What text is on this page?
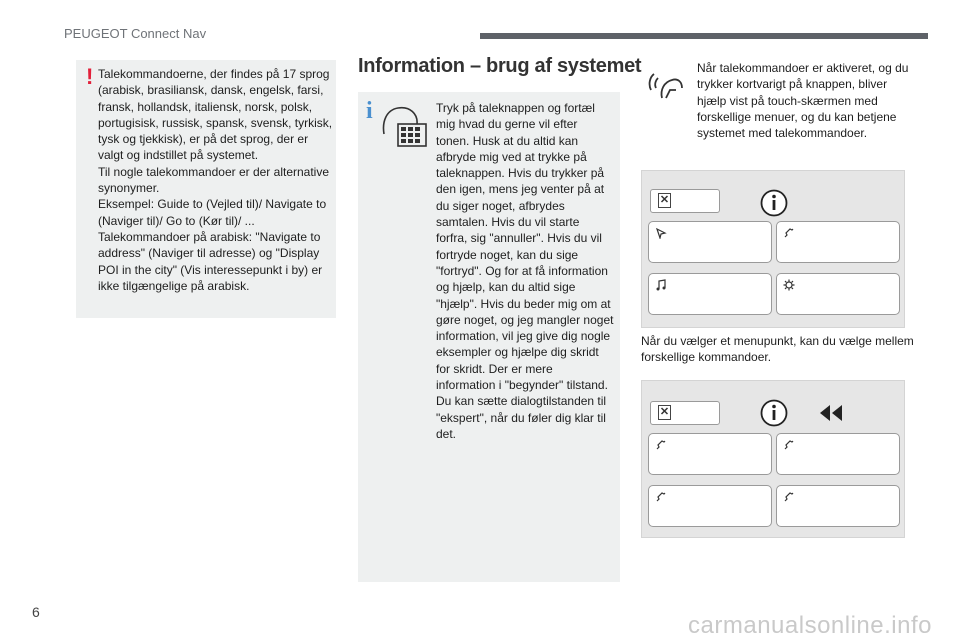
PEUGEOT Connect Nav
! Talekommandoerne, der findes på 17 sprog (arabisk, brasiliansk, dansk, engelsk, farsi, fransk, hollandsk, italiensk, norsk, polsk, portugisisk, russisk, spansk, svensk, tyrkisk, tysk og tjekkisk), er på det sprog, der er valgt og indstillet på systemet.

Til nogle talekommandoer er der alternative synonymer.

Eksempel: Guide to (Vejled til)/ Navigate to (Naviger til)/ Go to (Kør til)/ ...

Talekommandoer på arabisk: "Navigate to address" (Naviger til adresse) og "Display POI in the city" (Vis interessepunkt i by) er ikke tilgængelige på arabisk.

Information – brug af systemet
i	Tryk på taleknappen og fortæl mig hvad du gerne vil efter tonen. Husk at du altid kan afbryde mig ved at trykke på taleknappen. Hvis du trykker på den igen, mens jeg venter på at du siger noget, afbrydes samtalen. Hvis du vil starte forfra, sig "annuller". Hvis du vil fortryde noget, kan du sige "fortryd". Og for at få information og hjælp, kan du altid sige "hjælp". Hvis du beder mig om at gøre noget, og jeg mangler noget information, vil jeg give dig nogle eksempler og hjælpe dig skridt for skridt. Der er mere information i "begynder" tilstand. Du kan sætte dialogtilstanden til "ekspert", når du føler dig klar til det.
Når talekommandoer er aktiveret, og du trykker kortvarigt på knappen, bliver hjælp vist på touch-skærmen med forskellige menuer, og du kan betjene systemet med talekommandoer.
✕
Når du vælger et menupunkt, kan du vælge mellem forskellige kommandoer.
✕
6	carmanualsonline.info
